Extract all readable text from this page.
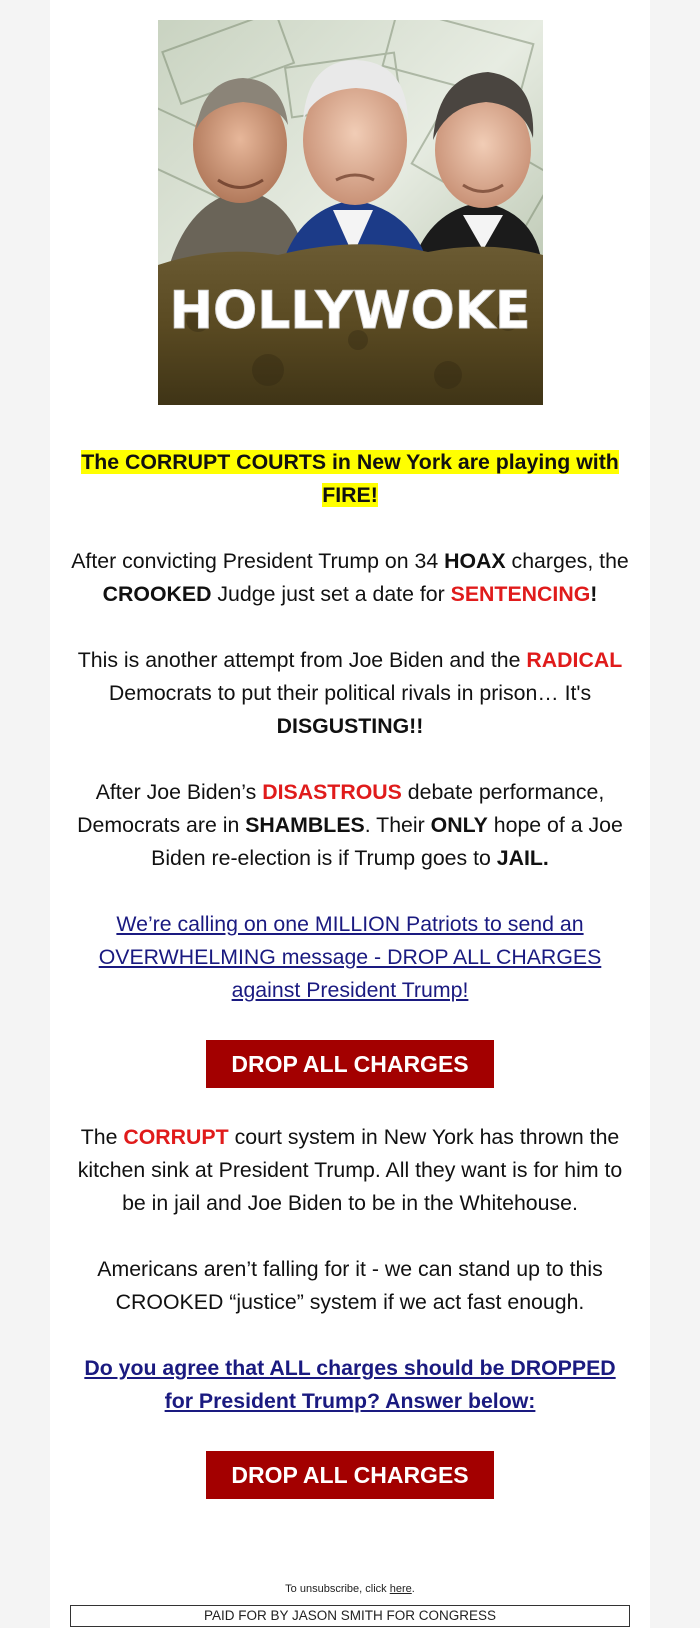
HOLLYWOKE

The CORRUPT COURTS in New York are playing with FIRE!

After convicting President Trump on 34 HOAX charges, the CROOKED Judge just set a date for SENTENCING!

This is another attempt from Joe Biden and the RADICAL Democrats to put their political rivals in prison… It's DISGUSTING!!

After Joe Biden’s DISASTROUS debate performance, Democrats are in SHAMBLES. Their ONLY hope of a Joe Biden re-election is if Trump goes to JAIL.

We’re calling on one MILLION Patriots to send an OVERWHELMING message - DROP ALL CHARGES against President Trump!

DROP ALL CHARGES

The CORRUPT court system in New York has thrown the kitchen sink at President Trump. All they want is for him to be in jail and Joe Biden to be in the Whitehouse.

Americans aren’t falling for it - we can stand up to this CROOKED “justice” system if we act fast enough.

Do you agree that ALL charges should be DROPPED for President Trump? Answer below:

DROP ALL CHARGES
To unsubscribe, click here.
PAID FOR BY JASON SMITH FOR CONGRESS
